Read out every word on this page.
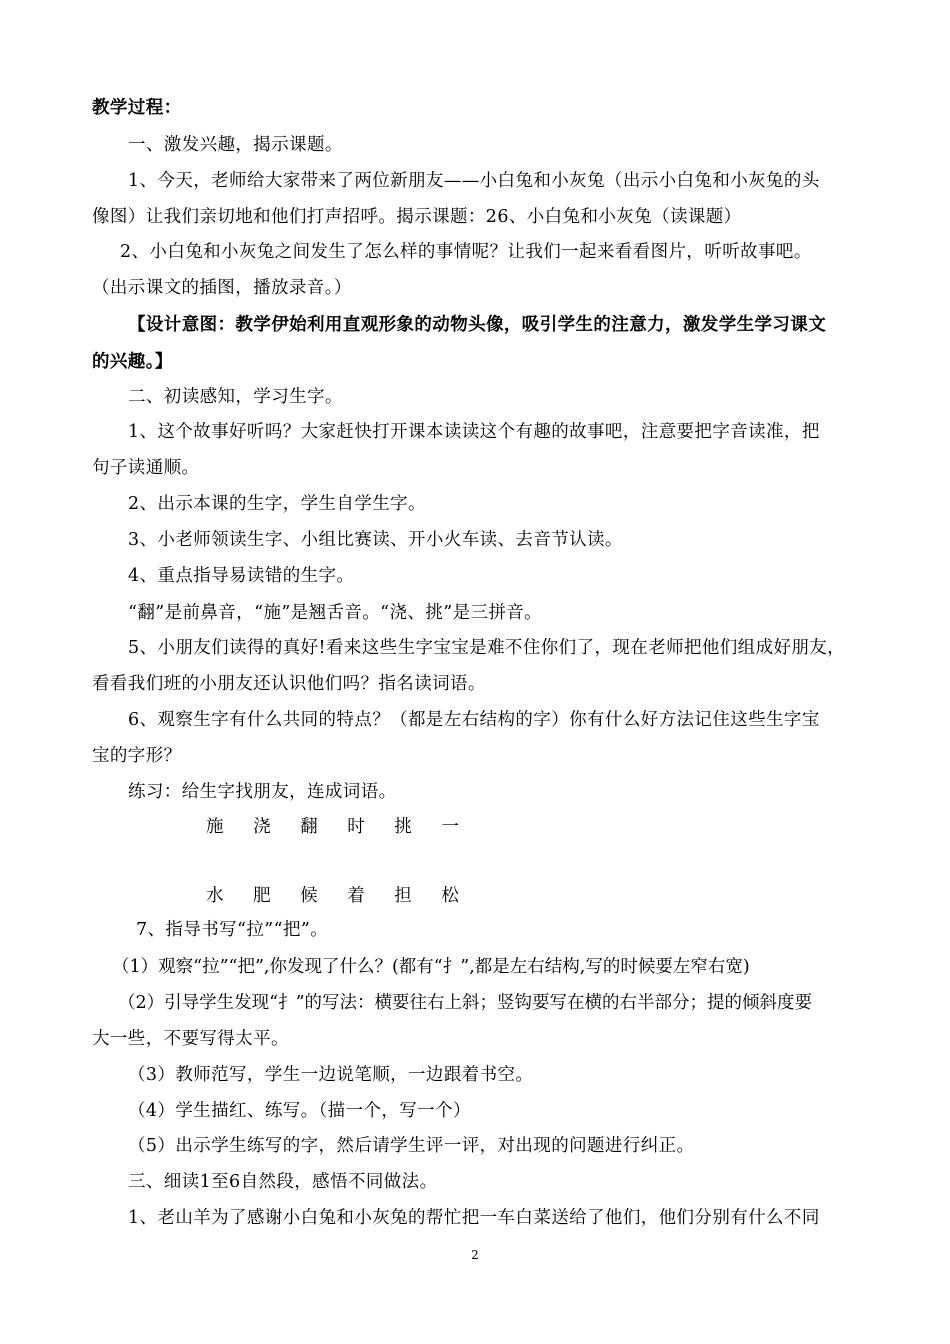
教学过程：
一、激发兴趣，揭示课题。
1、今天，老师给大家带来了两位新朋友——小白兔和小灰兔（出示小白兔和小灰兔的头
像图）让我们亲切地和他们打声招呼。揭示课题：26、小白兔和小灰兔（读课题）
2、小白兔和小灰兔之间发生了怎么样的事情呢？让我们一起来看看图片，听听故事吧。
（出示课文的插图，播放录音。）
【设计意图：教学伊始利用直观形象的动物头像，吸引学生的注意力，激发学生学习课文
的兴趣。】
二、初读感知，学习生字。
1、这个故事好听吗？大家赶快打开课本读读这个有趣的故事吧，注意要把字音读准，把
句子读通顺。
2、出示本课的生字，学生自学生字。
3、小老师领读生字、小组比赛读、开小火车读、去音节认读。
4、重点指导易读错的生字。
“翻”是前鼻音，“施”是翘舌音。“浇、挑”是三拼音。
5、小朋友们读得的真好!看来这些生字宝宝是难不住你们了，现在老师把他们组成好朋友，
看看我们班的小朋友还认识他们吗？指名读词语。
6、观察生字有什么共同的特点？（都是左右结构的字）你有什么好方法记住这些生字宝
宝的字形？
练习：给生字找朋友，连成词语。
施 浇 翻 时 挑 一
水 肥 候 着 担 松
7、指导书写“拉”“把”。
（1）观察“拉”“把”,你发现了什么？(都有“扌”,都是左右结构,写的时候要左窄右宽)
（2）引导学生发现“扌”的写法：横要往右上斜；竖钩要写在横的右半部分；提的倾斜度要
大一些，不要写得太平。
（3）教师范写，学生一边说笔顺，一边跟着书空。
（4）学生描红、练写。（描一个，写一个）
（5）出示学生练写的字，然后请学生评一评，对出现的问题进行纠正。
三、细读1至6自然段，感悟不同做法。
1、老山羊为了感谢小白兔和小灰兔的帮忙把一车白菜送给了他们，他们分别有什么不同
2
